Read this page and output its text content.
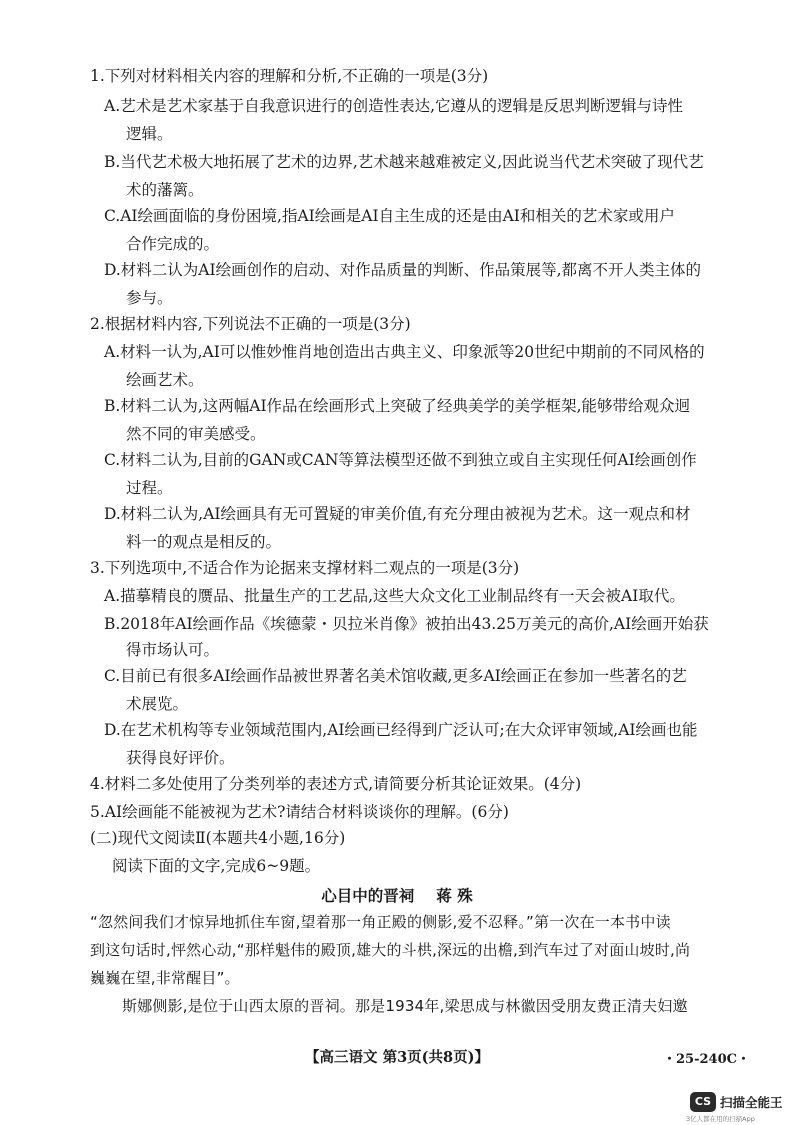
1.下列对材料相关内容的理解和分析,不正确的一项是(3分)
A.艺术是艺术家基于自我意识进行的创造性表达,它遵从的逻辑是反思判断逻辑与诗性
逻辑。
B.当代艺术极大地拓展了艺术的边界,艺术越来越难被定义,因此说当代艺术突破了现代艺
术的藩篱。
C.AI绘画面临的身份困境,指AI绘画是AI自主生成的还是由AI和相关的艺术家或用户
合作完成的。
D.材料二认为AI绘画创作的启动、对作品质量的判断、作品策展等,都离不开人类主体的
参与。
2.根据材料内容,下列说法不正确的一项是(3分)
A.材料一认为,AI可以惟妙惟肖地创造出古典主义、印象派等20世纪中期前的不同风格的
绘画艺术。
B.材料二认为,这两幅AI作品在绘画形式上突破了经典美学的美学框架,能够带给观众迥
然不同的审美感受。
C.材料二认为,目前的GAN或CAN等算法模型还做不到独立或自主实现任何AI绘画创作
过程。
D.材料二认为,AI绘画具有无可置疑的审美价值,有充分理由被视为艺术。这一观点和材
料一的观点是相反的。
3.下列选项中,不适合作为论据来支撑材料二观点的一项是(3分)
A.描摹精良的赝品、批量生产的工艺品,这些大众文化工业制品终有一天会被AI取代。
B.2018年AI绘画作品《埃德蒙・贝拉米肖像》被拍出43.25万美元的高价,AI绘画开始获
得市场认可。
C.目前已有很多AI绘画作品被世界著名美术馆收藏,更多AI绘画正在参加一些著名的艺
术展览。
D.在艺术机构等专业领域范围内,AI绘画已经得到广泛认可;在大众评审领域,AI绘画也能
获得良好评价。
4.材料二多处使用了分类列举的表述方式,请简要分析其论证效果。(4分)
5.AI绘画能不能被视为艺术?请结合材料谈谈你的理解。(6分)
(二)现代文阅读Ⅱ(本题共4小题,16分)
阅读下面的文字,完成6~9题。
心目中的晋祠 蒋 殊
“忽然间我们才惊异地抓住车窗,望着那一角正殿的侧影,爱不忍释。”第一次在一本书中读
到这句话时,怦然心动,“那样魁伟的殿顶,雄大的斗栱,深远的出檐,到汽车过了对面山坡时,尚
巍巍在望,非常醒目”。
斯娜侧影,是位于山西太原的晋祠。那是1934年,梁思成与林徽因受朋友费正清夫妇邀
【高三语文 第3页(共8页)】	・25-240C・
CS 扫描全能王
3亿人都在用的扫描App
